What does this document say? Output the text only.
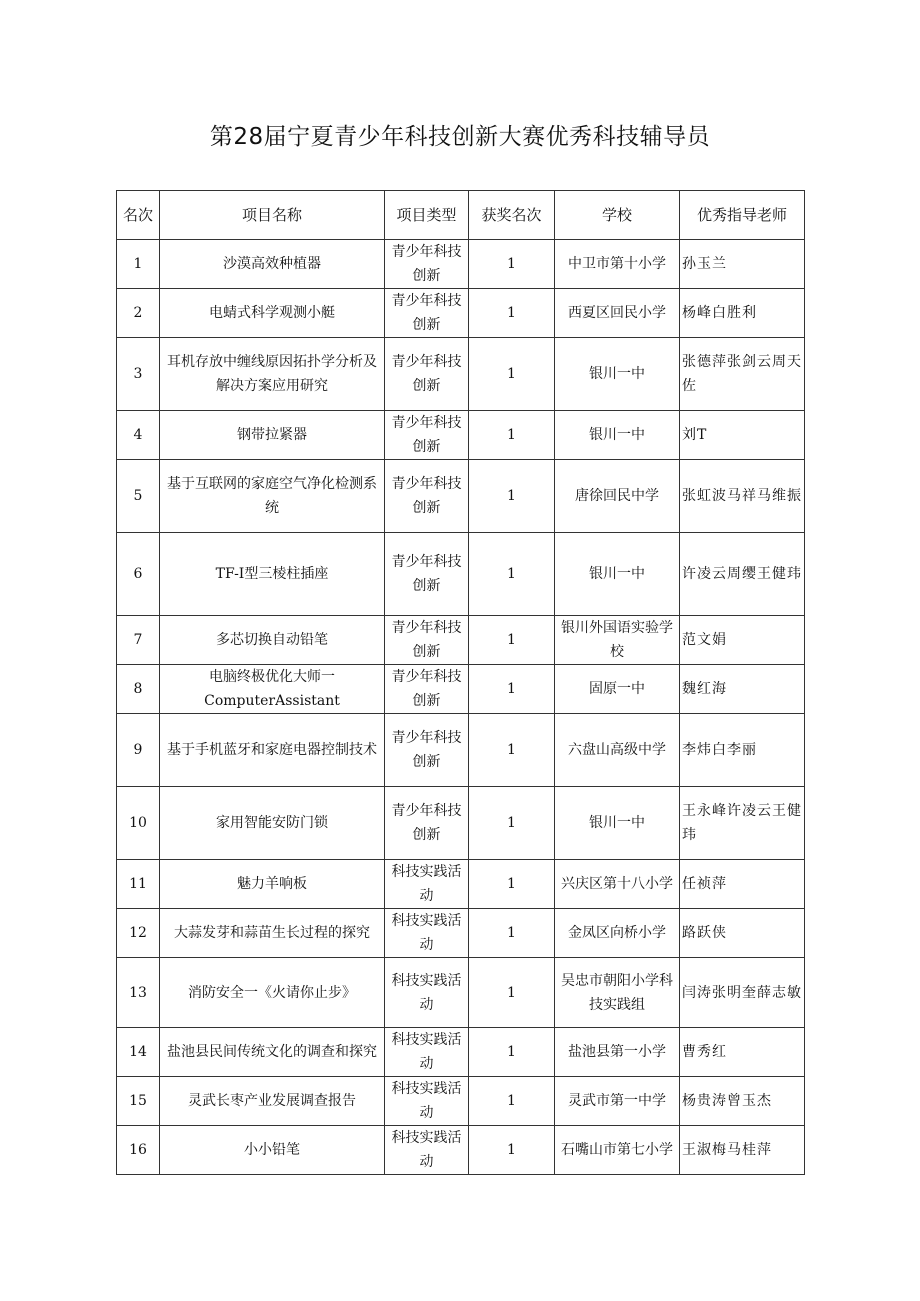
第28届宁夏青少年科技创新大赛优秀科技辅导员
名次	项目名称	项目类型	获奖名次	学校	优秀指导老师
1	沙漠高效种植器	青少年科技创新	1	中卫市第十小学	孙玉兰
2	电蜻式科学观测小艇	青少年科技创新	1	西夏区回民小学	杨峰白胜利
3	耳机存放中缠线原因拓扑学分析及解决方案应用研究	青少年科技创新	1	银川一中	张德萍张剑云周天佐
4	钢带拉紧器	青少年科技创新	1	银川一中	刘T
5	基于互联网的家庭空气净化检测系统	青少年科技创新	1	唐徐回民中学	张虹波马祥马维振
6	TF-I型三棱柱插座	青少年科技创新	1	银川一中	许凌云周缨王健玮
7	多芯切换自动铅笔	青少年科技创新	1	银川外国语实验学校	范文娟
8	电脑终极优化大师一ComputerAssistant	青少年科技创新	1	固原一中	魏红海
9	基于手机蓝牙和家庭电器控制技术	青少年科技创新	1	六盘山高级中学	李炜白李丽
10	家用智能安防门锁	青少年科技创新	1	银川一中	王永峰许凌云王健玮
11	魅力羊响板	科技实践活动	1	兴庆区第十八小学	任祯萍
12	大蒜发芽和蒜苗生长过程的探究	科技实践活动	1	金凤区向桥小学	路跃侠
13	消防安全一《火请你止步》	科技实践活动	1	吴忠市朝阳小学科技实践组	闫涛张明奎薛志敏
14	盐池县民间传统文化的调查和探究	科技实践活动	1	盐池县第一小学	曹秀红
15	灵武长枣产业发展调查报告	科技实践活动	1	灵武市第一中学	杨贵涛曾玉杰
16	小小铅笔	科技实践活动	1	石嘴山市第七小学	王淑梅马桂萍
